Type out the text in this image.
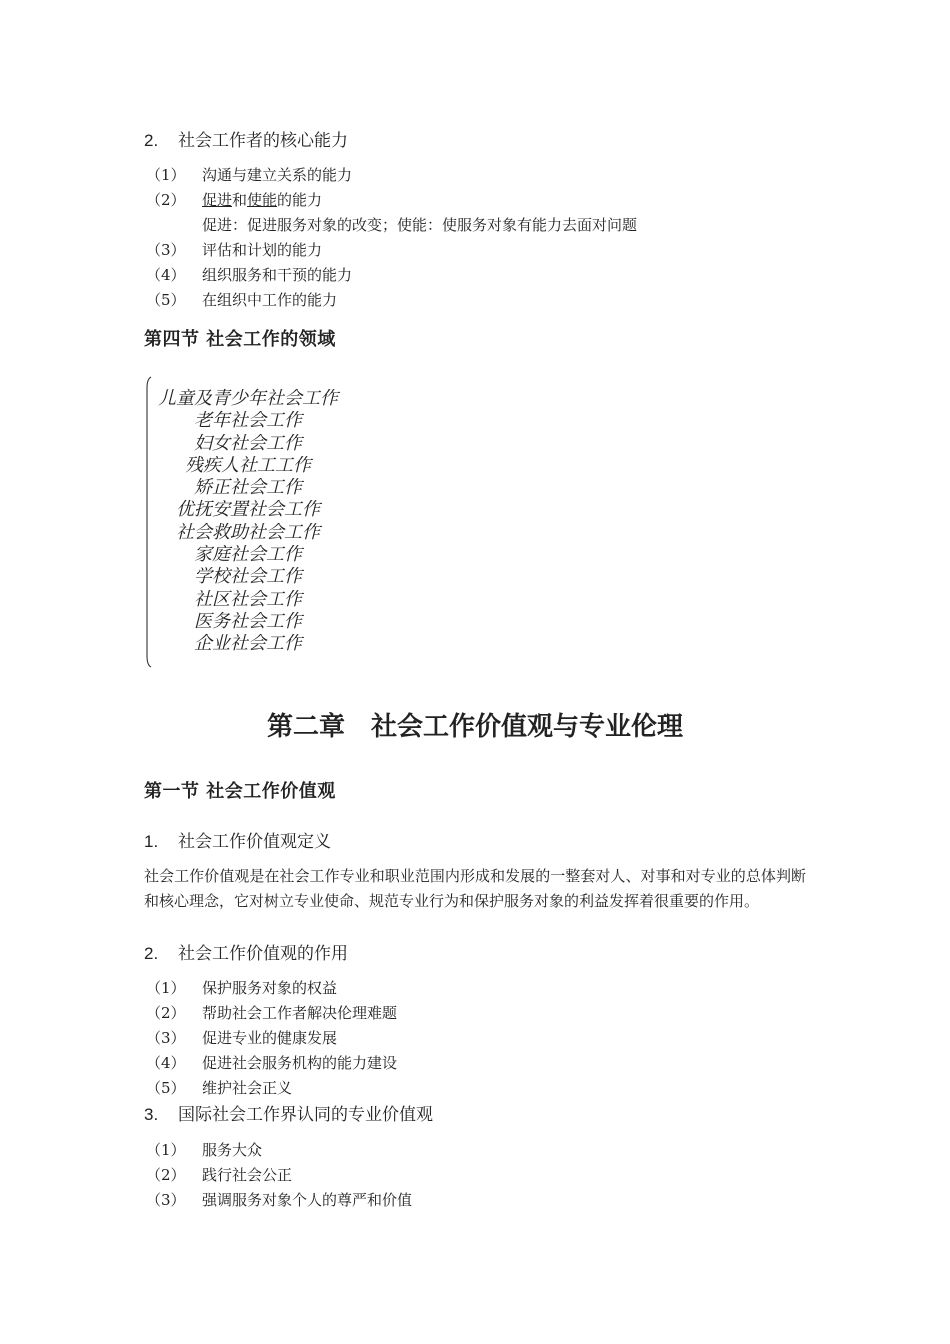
2. 社会工作者的核心能力
（1） 沟通与建立关系的能力
（2） 促进和使能的能力
促进：促进服务对象的改变；使能：使服务对象有能力去面对问题
（3） 评估和计划的能力
（4） 组织服务和干预的能力
（5） 在组织中工作的能力
第四节 社会工作的领域
儿童及青少年社会工作
老年社会工作
妇女社会工作
残疾人社工工作
矫正社会工作
优抚安置社会工作
社会救助社会工作
家庭社会工作
学校社会工作
社区社会工作
医务社会工作
企业社会工作
第二章　社会工作价值观与专业伦理
第一节 社会工作价值观
1. 社会工作价值观定义
社会工作价值观是在社会工作专业和职业范围内形成和发展的一整套对人、对事和对专业的总体判断和核心理念，它对树立专业使命、规范专业行为和保护服务对象的利益发挥着很重要的作用。
2. 社会工作价值观的作用
（1） 保护服务对象的权益
（2） 帮助社会工作者解决伦理难题
（3） 促进专业的健康发展
（4） 促进社会服务机构的能力建设
（5） 维护社会正义
3. 国际社会工作界认同的专业价值观
（1） 服务大众
（2） 践行社会公正
（3） 强调服务对象个人的尊严和价值
